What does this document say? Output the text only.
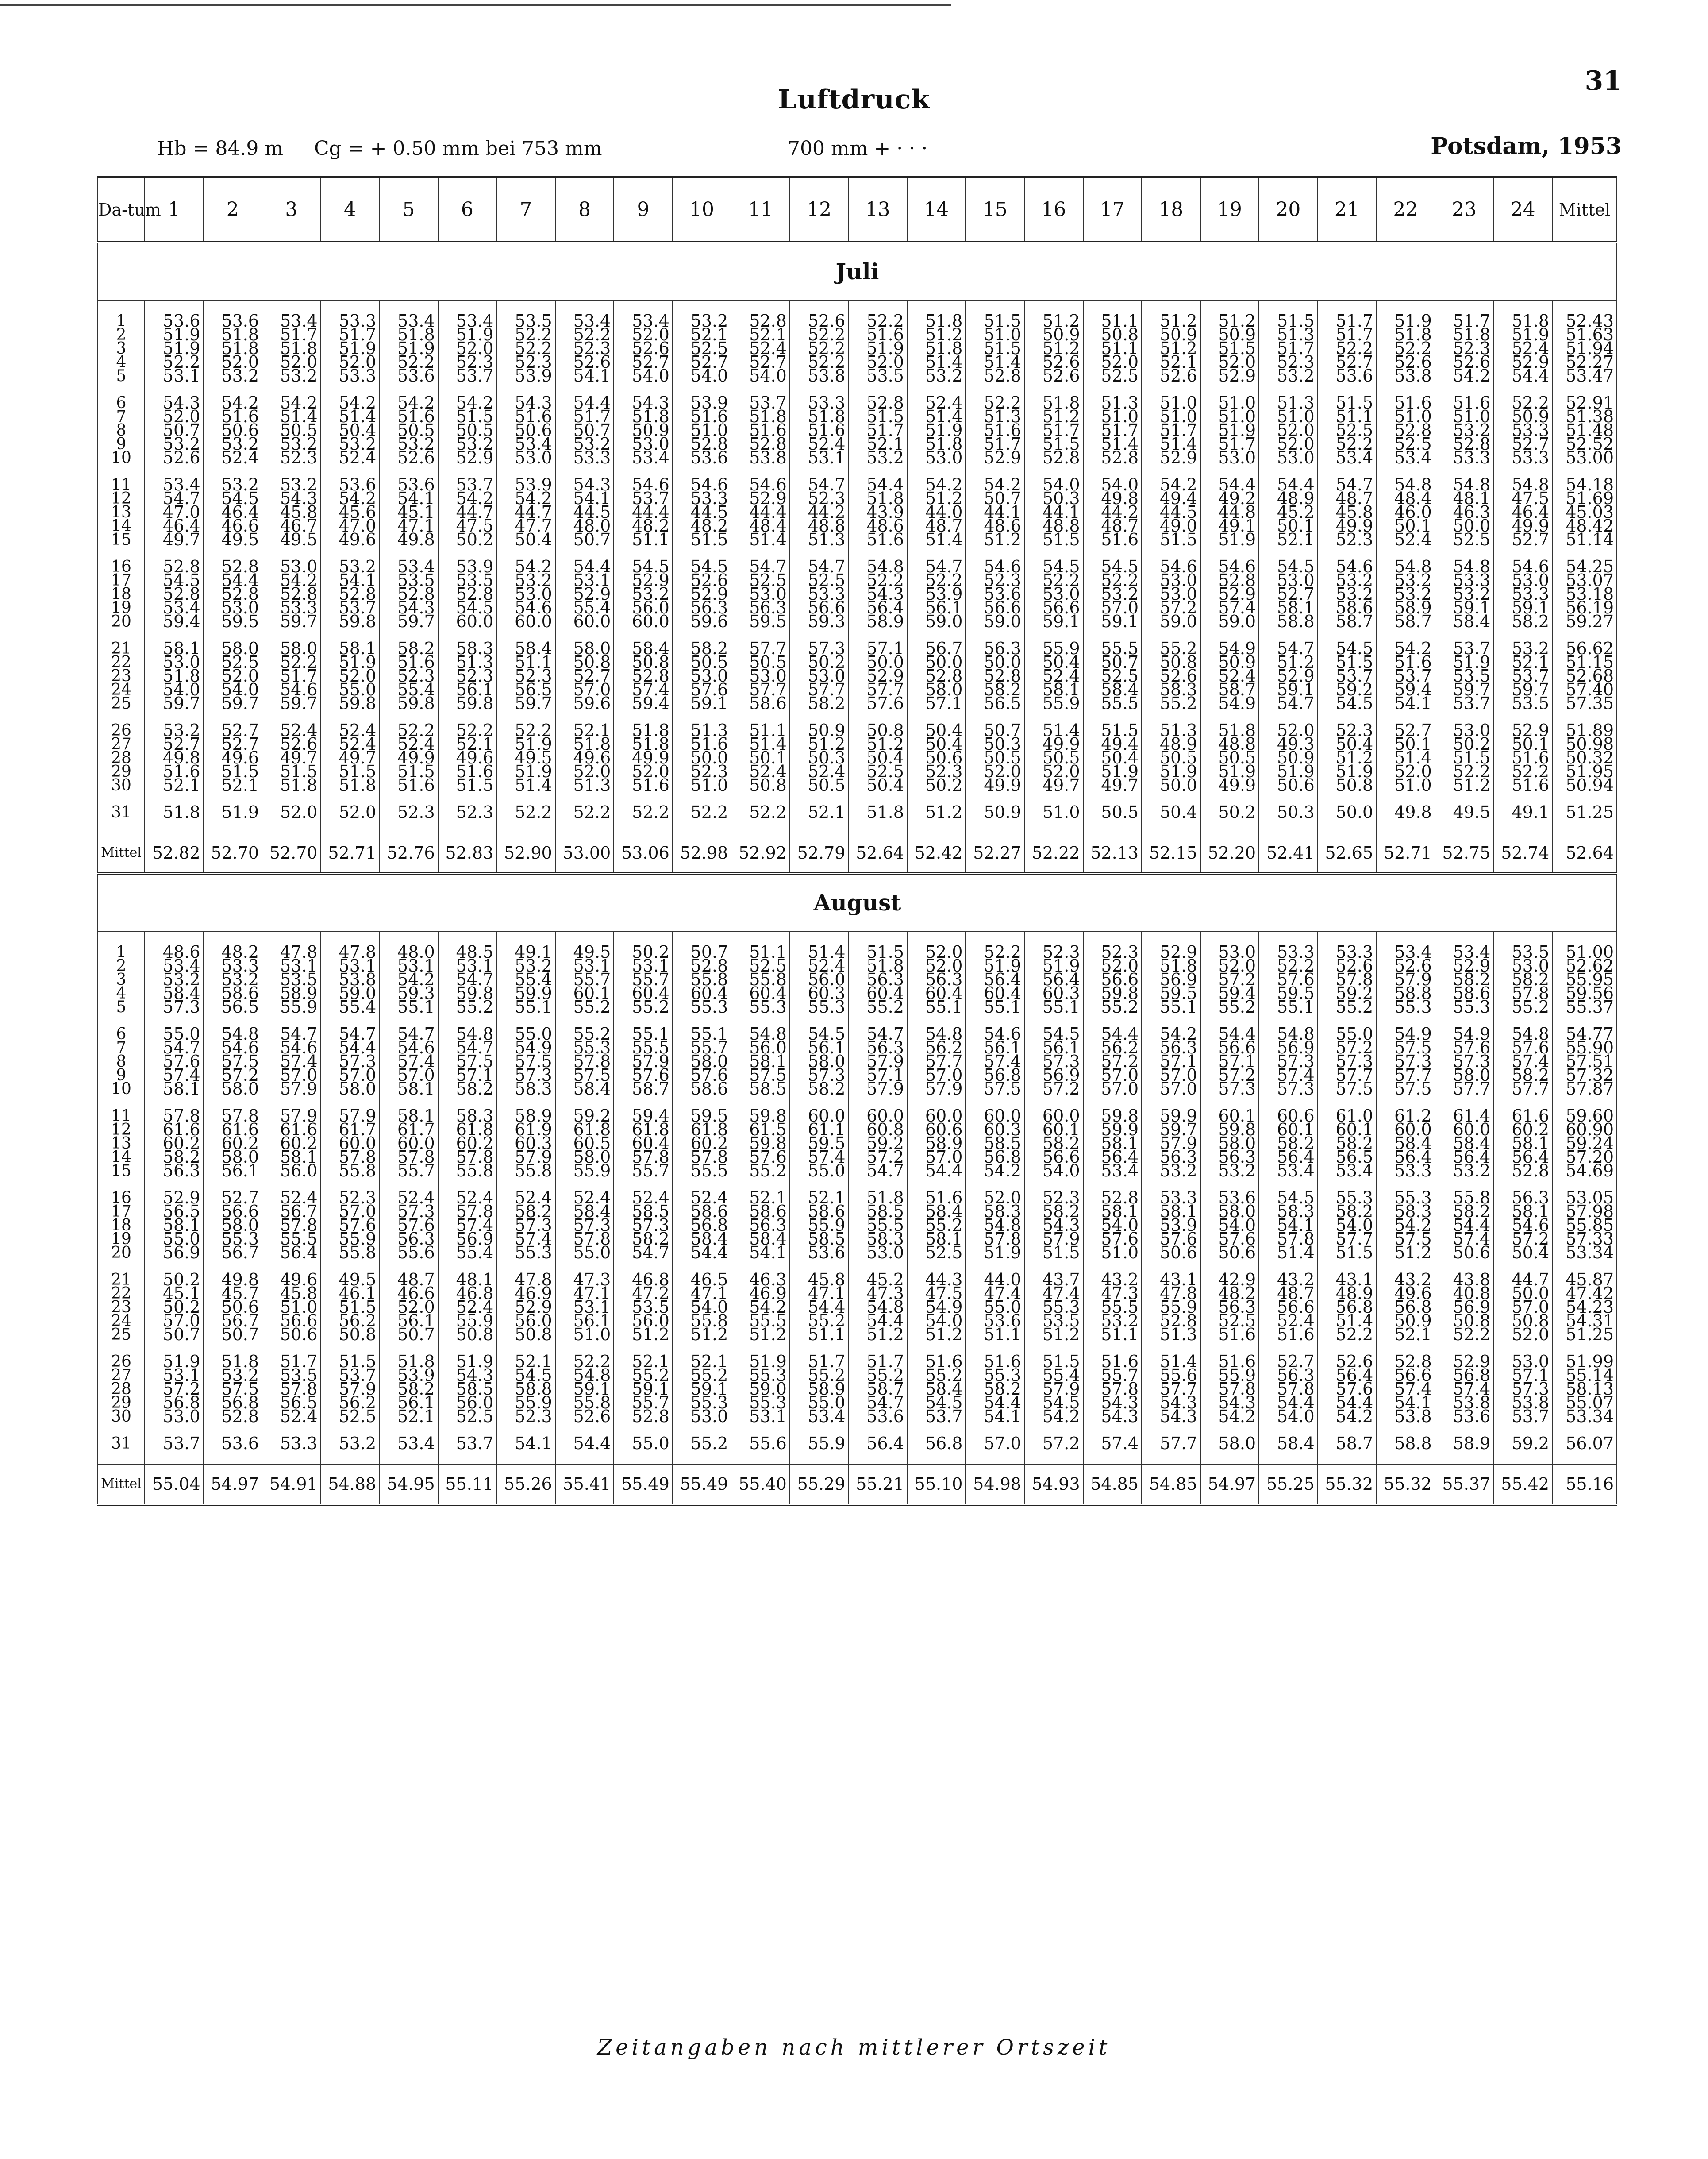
31
Luftdruck
Hb = 84.9 m Cg = + 0.50 mm bei 753 mm	700 mm + · · ·	Potsdam, 1953
Da-tum	1	2	3	4	5	6	7	8	9	10	11	12	13	14	15	16	17	18	19	20	21	22	23	24	Mittel
Juli																									

1	53.6	53.6	53.4	53.3	53.4	53.4	53.5	53.4	53.4	53.2	52.8	52.6	52.2	51.8	51.5	51.2	51.1	51.2	51.2	51.5	51.7	51.9	51.7	51.8	52.43
2	51.9	51.8	51.7	51.7	51.8	51.9	52.2	52.2	52.0	52.1	52.1	52.2	51.6	51.2	51.0	50.9	50.8	50.9	50.9	51.3	51.7	51.8	51.8	51.9	51.63
3	51.9	51.8	51.8	51.9	51.9	52.0	52.2	52.3	52.6	52.5	52.4	52.2	51.9	51.8	51.5	51.2	51.1	51.2	51.5	51.7	52.2	52.2	52.3	52.4	51.94
4	52.2	52.0	52.0	52.0	52.2	52.3	52.3	52.6	52.7	52.7	52.7	52.2	52.0	51.4	51.4	52.6	52.0	52.1	52.0	52.3	52.7	52.6	52.6	52.9	52.27
5	53.1	53.2	53.2	53.3	53.6	53.7	53.9	54.1	54.0	54.0	54.0	53.8	53.5	53.2	52.8	52.6	52.5	52.6	52.9	53.2	53.6	53.8	54.2	54.4	53.47

6	54.3	54.2	54.2	54.2	54.2	54.2	54.3	54.4	54.3	53.9	53.7	53.3	52.8	52.4	52.2	51.8	51.3	51.0	51.0	51.3	51.5	51.6	51.6	52.2	52.91
7	52.0	51.6	51.4	51.4	51.6	51.5	51.6	51.7	51.8	51.6	51.8	51.8	51.5	51.4	51.3	51.2	51.0	51.0	51.0	51.0	51.1	51.0	51.0	50.9	51.38
8	50.7	50.6	50.5	50.4	50.5	50.5	50.6	50.7	50.9	51.0	51.6	51.6	51.7	51.9	51.6	51.7	51.7	51.7	51.9	52.0	52.5	52.8	53.2	53.3	51.48
9	53.2	53.2	53.2	53.2	53.2	53.2	53.4	53.2	53.0	52.8	52.8	52.4	52.1	51.8	51.7	51.5	51.4	51.4	51.7	52.0	52.2	52.5	52.8	52.7	52.52
10	52.6	52.4	52.3	52.4	52.6	52.9	53.0	53.3	53.4	53.6	53.8	53.1	53.2	53.0	52.9	52.8	52.8	52.9	53.0	53.0	53.4	53.4	53.3	53.3	53.00

11	53.4	53.2	53.2	53.6	53.6	53.7	53.9	54.3	54.6	54.6	54.6	54.7	54.4	54.2	54.2	54.0	54.0	54.2	54.4	54.4	54.7	54.8	54.8	54.8	54.18
12	54.7	54.5	54.3	54.2	54.1	54.2	54.2	54.1	53.7	53.3	52.9	52.3	51.8	51.2	50.7	50.3	49.8	49.4	49.2	48.9	48.7	48.4	48.1	47.5	51.69
13	47.0	46.4	45.8	45.6	45.1	44.7	44.7	44.5	44.4	44.5	44.4	44.2	43.9	44.0	44.1	44.1	44.2	44.5	44.8	45.2	45.8	46.0	46.3	46.4	45.03
14	46.4	46.6	46.7	47.0	47.1	47.5	47.7	48.0	48.2	48.2	48.4	48.8	48.6	48.7	48.6	48.8	48.7	49.0	49.1	50.1	49.9	50.1	50.0	49.9	48.42
15	49.7	49.5	49.5	49.6	49.8	50.2	50.4	50.7	51.1	51.5	51.4	51.3	51.6	51.4	51.2	51.5	51.6	51.5	51.9	52.1	52.3	52.4	52.5	52.7	51.14

16	52.8	52.8	53.0	53.2	53.4	53.9	54.2	54.4	54.5	54.5	54.7	54.7	54.8	54.7	54.6	54.5	54.5	54.6	54.6	54.5	54.6	54.8	54.8	54.6	54.25
17	54.5	54.4	54.2	54.1	53.5	53.5	53.2	53.1	52.9	52.6	52.5	52.5	52.2	52.2	52.3	52.2	52.2	53.0	52.8	53.0	53.2	53.2	53.3	53.0	53.07
18	52.8	52.8	52.8	52.8	52.8	52.8	53.0	52.9	53.2	52.9	53.0	53.3	54.3	53.9	53.6	53.0	53.2	53.0	52.9	52.7	53.2	53.2	53.2	53.3	53.18
19	53.4	53.0	53.3	53.7	54.3	54.5	54.6	55.4	56.0	56.3	56.3	56.6	56.4	56.1	56.6	56.6	57.0	57.2	57.4	58.1	58.6	58.9	59.1	59.1	56.19
20	59.4	59.5	59.7	59.8	59.7	60.0	60.0	60.0	60.0	59.6	59.5	59.3	58.9	59.0	59.0	59.1	59.1	59.0	59.0	58.8	58.7	58.7	58.4	58.2	59.27

21	58.1	58.0	58.0	58.1	58.2	58.3	58.4	58.0	58.4	58.2	57.7	57.3	57.1	56.7	56.3	55.9	55.5	55.2	54.9	54.7	54.5	54.2	53.7	53.2	56.62
22	53.0	52.5	52.2	51.9	51.6	51.3	51.1	50.8	50.8	50.5	50.5	50.2	50.0	50.0	50.0	50.4	50.7	50.8	50.9	51.2	51.5	51.6	51.9	52.1	51.15
23	51.8	52.0	51.7	52.0	52.3	52.3	52.3	52.7	52.8	53.0	53.0	53.0	52.9	52.8	52.8	52.4	52.5	52.6	52.4	52.9	53.7	53.7	53.5	53.7	52.68
24	54.0	54.0	54.6	55.0	55.4	56.1	56.5	57.0	57.4	57.6	57.7	57.7	57.7	58.0	58.2	58.1	58.4	58.3	58.7	59.1	59.2	59.4	59.7	59.7	57.40
25	59.7	59.7	59.7	59.8	59.8	59.8	59.7	59.6	59.4	59.1	58.6	58.2	57.6	57.1	56.5	55.9	55.5	55.2	54.9	54.7	54.5	54.1	53.7	53.5	57.35

26	53.2	52.7	52.4	52.4	52.2	52.2	52.2	52.1	51.8	51.3	51.1	50.9	50.8	50.4	50.7	51.4	51.5	51.3	51.8	52.0	52.3	52.7	53.0	52.9	51.89
27	52.7	52.7	52.6	52.4	52.4	52.1	51.9	51.8	51.8	51.6	51.4	51.2	51.2	50.4	50.3	49.9	49.4	48.9	48.8	49.3	50.4	50.1	50.2	50.1	50.98
28	49.8	49.6	49.7	49.7	49.9	49.6	49.5	49.6	49.9	50.0	50.1	50.3	50.4	50.6	50.5	50.5	50.4	50.5	50.5	50.9	51.2	51.4	51.5	51.6	50.32
29	51.6	51.5	51.5	51.5	51.5	51.6	51.9	52.0	52.0	52.3	52.4	52.4	52.5	52.3	52.0	52.0	51.9	51.9	51.9	51.9	51.9	52.0	52.2	52.2	51.95
30	52.1	52.1	51.8	51.8	51.6	51.5	51.4	51.3	51.6	51.0	50.8	50.5	50.4	50.2	49.9	49.7	49.7	50.0	49.9	50.6	50.8	51.0	51.2	51.6	50.94

31	51.8	51.9	52.0	52.0	52.3	52.3	52.2	52.2	52.2	52.2	52.2	52.1	51.8	51.2	50.9	51.0	50.5	50.4	50.2	50.3	50.0	49.8	49.5	49.1	51.25

Mittel	52.82	52.70	52.70	52.71	52.76	52.83	52.90	53.00	53.06	52.98	52.92	52.79	52.64	52.42	52.27	52.22	52.13	52.15	52.20	52.41	52.65	52.71	52.75	52.74	52.64
August																									

1	48.6	48.2	47.8	47.8	48.0	48.5	49.1	49.5	50.2	50.7	51.1	51.4	51.5	52.0	52.2	52.3	52.3	52.9	53.0	53.3	53.3	53.4	53.4	53.5	51.00
2	53.4	53.3	53.1	53.1	53.1	53.1	53.2	53.1	53.1	52.8	52.5	52.4	51.8	52.0	51.9	51.9	52.0	51.8	52.0	52.2	52.6	52.6	52.9	53.0	52.62
3	53.2	53.2	53.5	53.8	54.2	54.7	55.4	55.7	55.7	55.8	55.8	56.0	56.3	56.3	56.4	56.4	56.6	56.9	57.2	57.6	57.8	57.9	58.2	58.2	55.95
4	58.4	58.6	58.9	59.0	59.3	59.8	59.9	60.1	60.4	60.4	60.4	60.3	60.4	60.4	60.4	60.3	59.8	59.5	59.4	59.5	59.2	58.8	58.6	57.8	59.56
5	57.3	56.5	55.9	55.4	55.1	55.2	55.1	55.2	55.2	55.3	55.3	55.3	55.2	55.1	55.1	55.1	55.2	55.1	55.2	55.1	55.2	55.3	55.3	55.2	55.37

6	55.0	54.8	54.7	54.7	54.7	54.8	55.0	55.2	55.1	55.1	54.8	54.5	54.7	54.8	54.6	54.5	54.4	54.2	54.4	54.8	55.0	54.9	54.9	54.8	54.77
7	54.7	54.6	54.6	54.4	54.6	54.7	54.9	55.3	55.5	55.7	56.0	56.1	56.3	56.2	56.1	56.1	56.2	56.3	56.6	56.9	57.2	57.5	57.6	57.6	55.90
8	57.6	57.5	57.4	57.3	57.4	57.5	57.5	57.8	57.9	58.0	58.1	58.0	57.9	57.7	57.4	57.3	57.2	57.1	57.1	57.3	57.3	57.3	57.3	57.4	57.51
9	57.4	57.2	57.0	57.0	57.0	57.1	57.3	57.5	57.6	57.6	57.5	57.3	57.1	57.0	56.8	56.9	57.0	57.0	57.2	57.4	57.7	57.7	58.0	58.2	57.32
10	58.1	58.0	57.9	58.0	58.1	58.2	58.3	58.4	58.7	58.6	58.5	58.2	57.9	57.9	57.5	57.2	57.0	57.0	57.3	57.3	57.5	57.5	57.7	57.7	57.87

11	57.8	57.8	57.9	57.9	58.1	58.3	58.9	59.2	59.4	59.5	59.8	60.0	60.0	60.0	60.0	60.0	59.8	59.9	60.1	60.6	61.0	61.2	61.4	61.6	59.60
12	61.6	61.6	61.6	61.7	61.7	61.8	61.9	61.8	61.8	61.8	61.5	61.1	60.8	60.6	60.3	60.1	59.9	59.7	59.8	60.1	60.1	60.0	60.0	60.2	60.90
13	60.2	60.2	60.2	60.0	60.0	60.2	60.3	60.5	60.4	60.2	59.8	59.5	59.2	58.9	58.5	58.2	58.1	57.9	58.0	58.2	58.2	58.4	58.4	58.1	59.24
14	58.2	58.0	58.1	57.8	57.8	57.8	57.9	58.0	57.8	57.8	57.6	57.4	57.2	57.0	56.8	56.6	56.4	56.3	56.3	56.4	56.5	56.4	56.4	56.4	57.20
15	56.3	56.1	56.0	55.8	55.7	55.8	55.8	55.9	55.7	55.5	55.2	55.0	54.7	54.4	54.2	54.0	53.4	53.2	53.2	53.4	53.4	53.3	53.2	52.8	54.69

16	52.9	52.7	52.4	52.3	52.4	52.4	52.4	52.4	52.4	52.4	52.1	52.1	51.8	51.6	52.0	52.3	52.8	53.3	53.6	54.5	55.3	55.3	55.8	56.3	53.05
17	56.5	56.6	56.7	57.0	57.3	57.8	58.2	58.4	58.5	58.6	58.6	58.6	58.5	58.4	58.3	58.2	58.1	58.1	58.0	58.3	58.2	58.3	58.2	58.1	57.98
18	58.1	58.0	57.8	57.6	57.6	57.4	57.3	57.3	57.3	56.8	56.3	55.9	55.5	55.2	54.8	54.3	54.0	53.9	54.0	54.1	54.0	54.2	54.4	54.6	55.85
19	55.0	55.3	55.5	55.9	56.3	56.9	57.4	57.8	58.2	58.4	58.4	58.5	58.3	58.1	57.8	57.9	57.6	57.6	57.6	57.8	57.7	57.5	57.4	57.2	57.33
20	56.9	56.7	56.4	55.8	55.6	55.4	55.3	55.0	54.7	54.4	54.1	53.6	53.0	52.5	51.9	51.5	51.0	50.6	50.6	51.4	51.5	51.2	50.6	50.4	53.34

21	50.2	49.8	49.6	49.5	48.7	48.1	47.8	47.3	46.8	46.5	46.3	45.8	45.2	44.3	44.0	43.7	43.2	43.1	42.9	43.2	43.1	43.2	43.8	44.7	45.87
22	45.1	45.7	45.8	46.1	46.6	46.8	46.9	47.1	47.2	47.1	46.9	47.1	47.3	47.5	47.4	47.4	47.3	47.8	48.2	48.7	48.9	49.6	40.8	50.0	47.42
23	50.2	50.6	51.0	51.5	52.0	52.4	52.9	53.1	53.5	54.0	54.2	54.4	54.8	54.9	55.0	55.3	55.5	55.9	56.3	56.6	56.8	56.8	56.9	57.0	54.23
24	57.0	56.7	56.6	56.2	56.1	55.9	56.0	56.1	56.0	55.8	55.5	55.2	54.4	54.0	53.6	53.5	53.2	52.8	52.5	52.4	51.4	50.9	50.8	50.8	54.31
25	50.7	50.7	50.6	50.8	50.7	50.8	50.8	51.0	51.2	51.2	51.2	51.1	51.2	51.2	51.1	51.2	51.1	51.3	51.6	51.6	52.2	52.1	52.2	52.0	51.25

26	51.9	51.8	51.7	51.5	51.8	51.9	52.1	52.2	52.1	52.1	51.9	51.7	51.7	51.6	51.6	51.5	51.6	51.4	51.6	52.7	52.6	52.8	52.9	53.0	51.99
27	53.1	53.2	53.5	53.7	53.9	54.3	54.5	54.8	55.2	55.2	55.3	55.2	55.2	55.2	55.3	55.4	55.7	55.6	55.9	56.3	56.4	56.6	56.8	57.1	55.14
28	57.2	57.5	57.8	57.9	58.2	58.5	58.8	59.1	59.1	59.1	59.0	58.9	58.7	58.4	58.2	57.9	57.8	57.7	57.8	57.8	57.6	57.4	57.4	57.3	58.13
29	56.8	56.8	56.5	56.2	56.1	56.0	55.9	55.8	55.7	55.3	55.3	55.0	54.7	54.5	54.4	54.5	54.3	54.3	54.3	54.4	54.4	54.1	53.8	53.8	55.07
30	53.0	52.8	52.4	52.5	52.1	52.5	52.3	52.6	52.8	53.0	53.1	53.4	53.6	53.7	54.1	54.2	54.3	54.3	54.2	54.0	54.2	53.8	53.6	53.7	53.34

31	53.7	53.6	53.3	53.2	53.4	53.7	54.1	54.4	55.0	55.2	55.6	55.9	56.4	56.8	57.0	57.2	57.4	57.7	58.0	58.4	58.7	58.8	58.9	59.2	56.07

Mittel	55.04	54.97	54.91	54.88	54.95	55.11	55.26	55.41	55.49	55.49	55.40	55.29	55.21	55.10	54.98	54.93	54.85	54.85	54.97	55.25	55.32	55.32	55.37	55.42	55.16
Zeitangaben nach mittlerer Ortszeit
